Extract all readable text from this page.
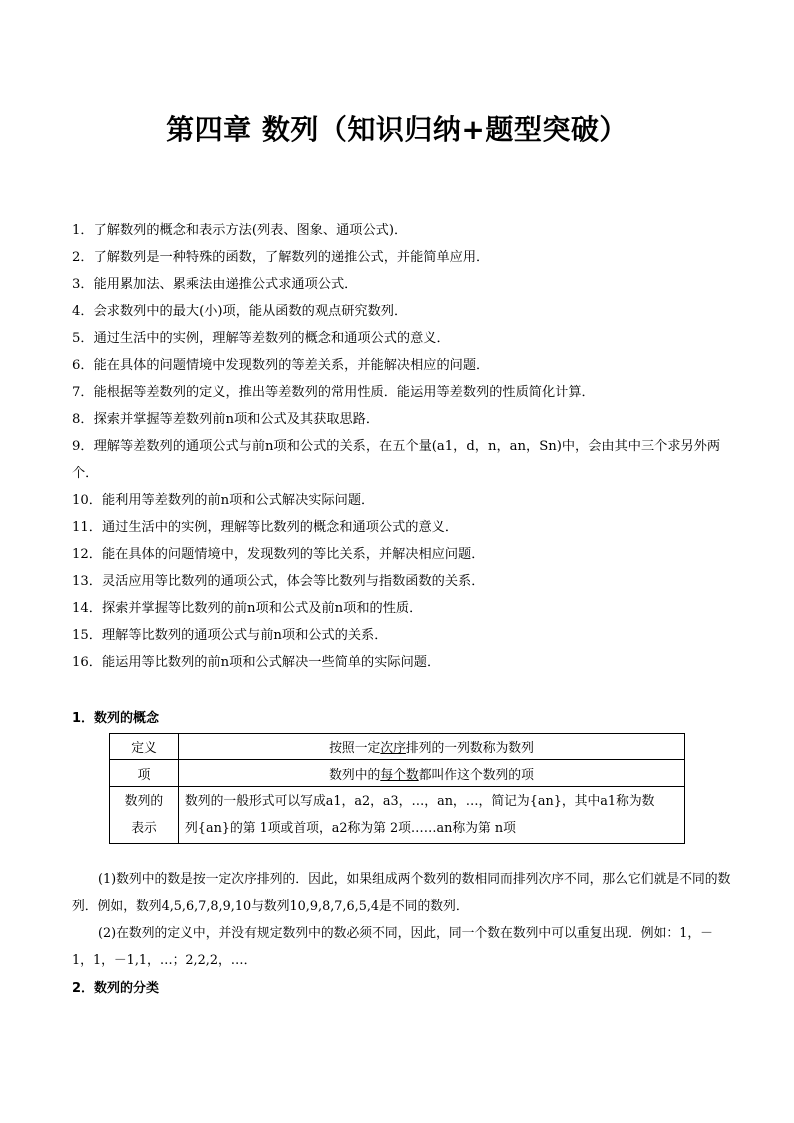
第四章 数列（知识归纳+题型突破）
1．了解数列的概念和表示方法(列表、图象、通项公式)．
2．了解数列是一种特殊的函数，了解数列的递推公式，并能简单应用．
3．能用累加法、累乘法由递推公式求通项公式．
4．会求数列中的最大(小)项，能从函数的观点研究数列．
5．通过生活中的实例，理解等差数列的概念和通项公式的意义．
6．能在具体的问题情境中发现数列的等差关系，并能解决相应的问题．
7．能根据等差数列的定义，推出等差数列的常用性质．能运用等差数列的性质简化计算．
8．探索并掌握等差数列前n项和公式及其获取思路．
9．理解等差数列的通项公式与前n项和公式的关系，在五个量(a1，d，n，an，Sn)中，会由其中三个求另外两个．
10．能利用等差数列的前n项和公式解决实际问题．
11．通过生活中的实例，理解等比数列的概念和通项公式的意义．
12．能在具体的问题情境中，发现数列的等比关系，并解决相应问题．
13．灵活应用等比数列的通项公式，体会等比数列与指数函数的关系．
14．探索并掌握等比数列的前n项和公式及前n项和的性质．
15．理解等比数列的通项公式与前n项和公式的关系．
16．能运用等比数列的前n项和公式解决一些简单的实际问题．
1．数列的概念
定义	按照一定次序排列的一列数称为数列
项	数列中的每个数都叫作这个数列的项
数列的
表示	数列的一般形式可以写成a1，a2，a3，…，an，…，简记为{an}，其中a1称为数
列{an}的第 1项或首项，a2称为第 2项……an称为第 n项

(1)数列中的数是按一定次序排列的．因此，如果组成两个数列的数相同而排列次序不同，那么它们就是不同的数列．例如，数列4,5,6,7,8,9,10与数列10,9,8,7,6,5,4是不同的数列．

(2)在数列的定义中，并没有规定数列中的数必须不同，因此，同一个数在数列中可以重复出现．例如：1，－1，1，－1,1，…；2,2,2，…．

2．数列的分类
